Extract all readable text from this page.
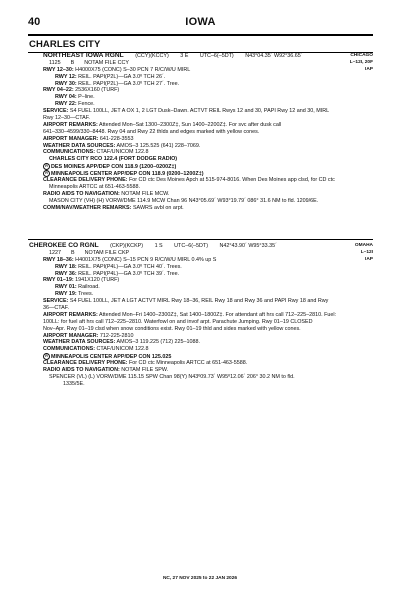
40	IOWA
CHARLES CITY
CHICAGO
L–12I, 20F
IAP
NORTHEAST IOWA RGNL (CCY)(KCCY) 3 E UTC–6(–5DT) N43°04.35´ W92°36.65´
1125 B NOTAM FILE CCY
RWY 12–30: H4000X75 (CONC) S–30 PCN 7 R/C/W/U MIRL
RWY 12: REIL. PAPI(P2L)—GA 3.0º TCH 26´.
RWY 30: REIL. PAPI(P2L)—GA 3.0º TCH 27´. Tree.
RWY 04–22: 2536X160 (TURF)
RWY 04: P–line.
RWY 22: Fence.
SERVICE: S4 FUEL 100LL, JET A OX 1, 2 LGT Dusk–Dawn. ACTVT REIL Rwys 12 and 30, PAPI Rwy 12 and 30, MIRL
Rwy 12–30—CTAF.
AIRPORT REMARKS: Attended Mon–Sat 1300–2300Z‡, Sun 1400–2200Z‡. For svc after dusk call
641–330–4599/330–8448. Rwy 04 and Rwy 22 thlds and edges marked with yellow cones.
AIRPORT MANAGER: 641-228-3553
WEATHER DATA SOURCES: AMOS–3 125.525 (641) 228–7069.
COMMUNICATIONS: CTAF/UNICOM 122.8
CHARLES CITY RCO 122.4 (FORT DODGE RADIO)
R DES MOINES APP/DEP CON 118.9 (1200–0200Z‡)
R MINNEAPOLIS CENTER APP/DEP CON 118.9 (0200–1200Z‡)
CLEARANCE DELIVERY PHONE: For CD ctc Des Moines Apch at 515-974-8016. When Des Moines app clsd, for CD ctc
Minneapolis ARTCC at 651-463-5588.
RADIO AIDS TO NAVIGATION: NOTAM FILE MCW.
MASON CITY (VH) (H) VORW/DME 114.9 MCW Chan 96 N43°05.69´ W93°19.79´ 086° 31.6 NM to fld. 1209/6E.
COMM/NAV/WEATHER REMARKS: SAWRS avbl on arpt.
OMAHA
L–12I
IAP
CHEROKEE CO RGNL (CKP)(KCKP) 1 S UTC–6(–5DT) N42°43.90´ W95°33.35´
1227 B NOTAM FILE CKP
RWY 18–36: H4001X75 (CONC) S–15 PCN 9 R/C/W/U MIRL 0.4% up S
RWY 18: REIL. PAPI(P4L)—GA 3.0º TCH 40´. Trees.
RWY 36: REIL. PAPI(P4L)—GA 3.0º TCH 39´. Tree.
RWY 01–19: 1941X120 (TURF)
RWY 01: Railroad.
RWY 19: Trees.
SERVICE: S4 FUEL 100LL, JET A LGT ACTVT MIRL Rwy 18–36, REIL Rwy 18 and Rwy 36 and PAPI Rwy 18 and Rwy
36—CTAF.
AIRPORT REMARKS: Attended Mon–Fri 1400–2300Z‡, Sat 1400–1800Z‡. For attendant aft hrs call 712–225–2810. Fuel:
100LL: for fuel aft hrs call 712–225–2810. Waterfowl on and invof arpt. Parachute Jumping. Rwy 01–19 CLOSED
Nov–Apr. Rwy 01–19 clsd when snow conditions exist. Rwy 01–19 thld and sides marked with yellow cones.
AIRPORT MANAGER: 712-225-2810
WEATHER DATA SOURCES: AMOS–3 119.225 (712) 225–1088.
COMMUNICATIONS: CTAF/UNICOM 122.8
R MINNEAPOLIS CENTER APP/DEP CON 125.025
CLEARANCE DELIVERY PHONE: For CD ctc Minneapolis ARTCC at 651-463-5588.
RADIO AIDS TO NAVIGATION: NOTAM FILE SPW.
SPENCER (VL) (L) VORW/DME 115.15 SPW Chan 98(Y) N43º09.73´ W95º12.06´ 206° 30.2 NM to fld.
1335/5E.
NC, 27 NOV 2025 to 22 JAN 2026
